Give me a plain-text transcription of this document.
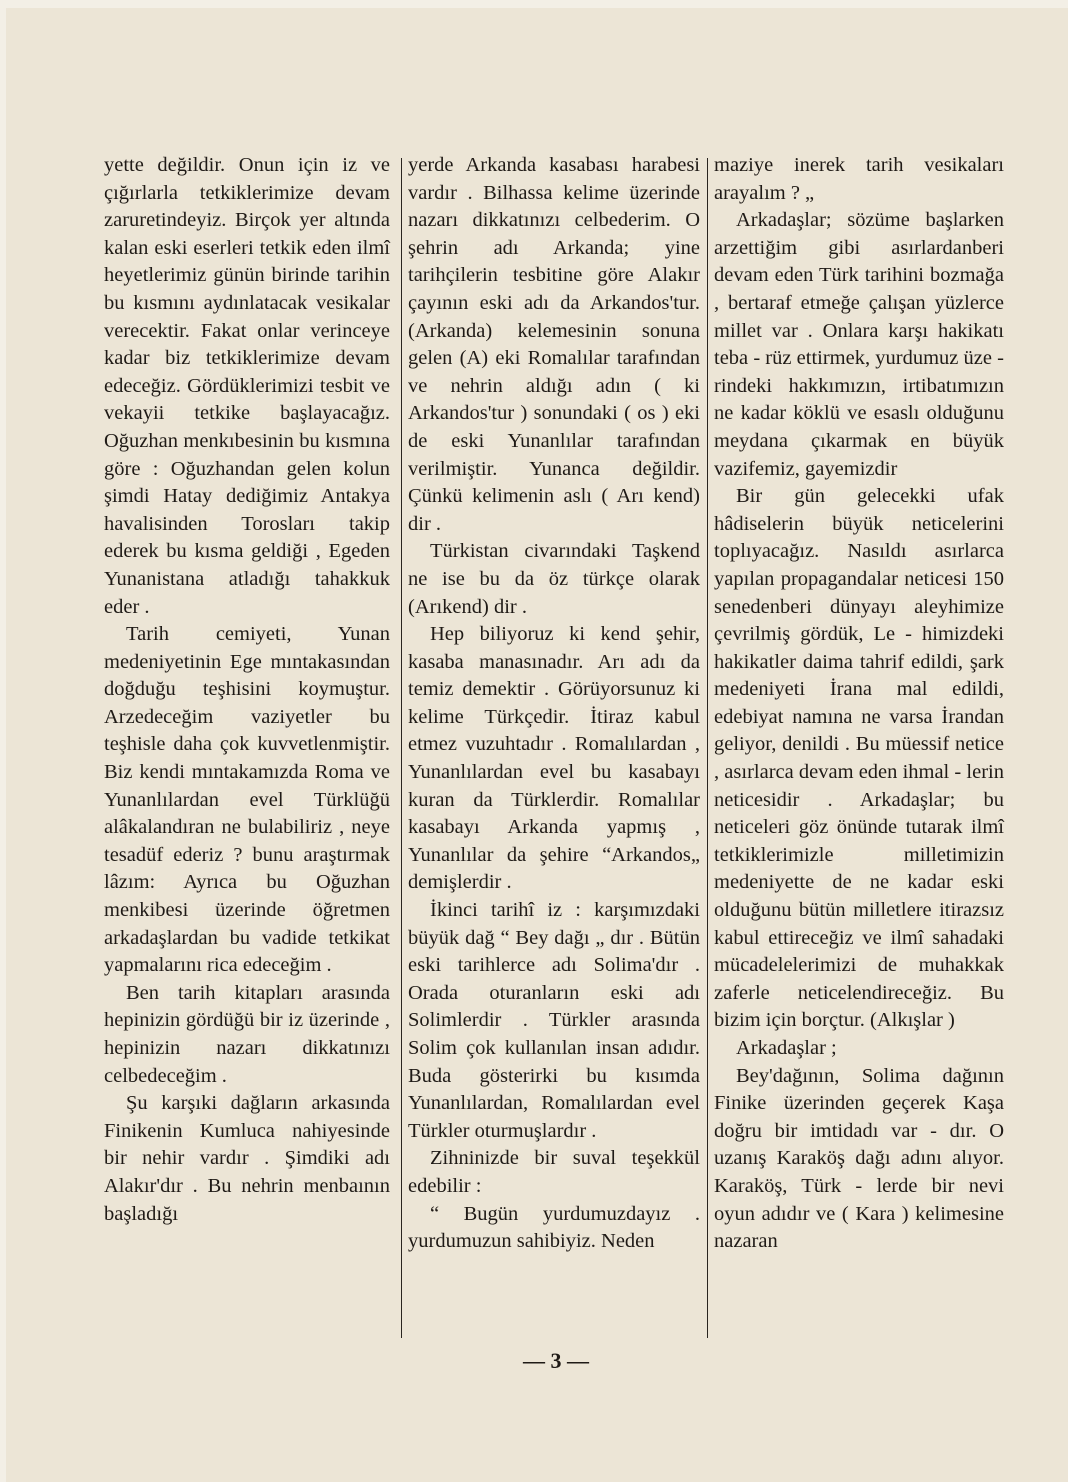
yette değildir. Onun için iz ve çığırlarla tetkiklerimize devam zaruretindeyiz. Birçok yer altında kalan eski eserleri tetkik eden ilmî heyetlerimiz günün birinde tarihin bu kısmını aydınlatacak vesikalar verecektir. Fakat onlar verinceye kadar biz tetkiklerimize devam edeceğiz. Gördüklerimizi tesbit ve vekayii tetkike başlayacağız. Oğuzhan menkıbesinin bu kısmına göre : Oğuzhandan gelen kolun şimdi Hatay dediğimiz Antakya havalisinden Torosları takip ederek bu kısma geldiği , Egeden Yunanistana atladığı tahakkuk eder .

Tarih cemiyeti, Yunan medeniyetinin Ege mıntakasından doğduğu teşhisini koymuştur. Arzedeceğim vaziyetler bu teşhisle daha çok kuvvetlenmiştir. Biz kendi mıntakamızda Roma ve Yunanlılardan evel Türklüğü alâkalandıran ne bulabiliriz , neye tesadüf ederiz ? bunu araştırmak lâzım: Ayrıca bu Oğuzhan menkibesi üzerinde öğretmen arkadaşlardan bu vadide tetkikat yapmalarını rica edeceğim .

Ben tarih kitapları arasında hepinizin gördüğü bir iz üzerinde , hepinizin nazarı dikkatınızı celbedeceğim .

Şu karşıki dağların arkasında Finikenin Kumluca nahiyesinde bir nehir vardır . Şimdiki adı Alakır'dır . Bu nehrin menbaının başladığı

yerde Arkanda kasabası harabesi vardır . Bilhassa kelime üzerinde nazarı dikkatınızı celbederim. O şehrin adı Arkanda; yine tarihçilerin tesbitine göre Alakır çayının eski adı da Arkandos'tur. (Arkanda) kelemesinin sonuna gelen (A) eki Romalılar tarafından ve nehrin aldığı adın ( ki Arkandos'tur ) sonundaki ( os ) eki de eski Yunanlılar tarafından verilmiştir. Yunanca değildir. Çünkü kelimenin aslı ( Arı kend) dir .

Türkistan civarındaki Taşkend ne ise bu da öz türkçe olarak (Arıkend) dir .

Hep biliyoruz ki kend şehir, kasaba manasınadır. Arı adı da temiz demektir . Görüyorsunuz ki kelime Türkçedir. İtiraz kabul etmez vuzuhtadır . Romalılardan , Yunanlılardan evel bu kasabayı kuran da Türklerdir. Romalılar kasabayı Arkanda yapmış , Yunanlılar da şehire “Arkandos„ demişlerdir .

İkinci tarihî iz : karşımızdaki büyük dağ “ Bey dağı „ dır . Bütün eski tarihlerce adı Solima'dır . Orada oturanların eski adı Solimlerdir . Türkler arasında Solim çok kullanılan insan adıdır. Buda gösterirki bu kısımda Yunanlılardan, Romalılardan evel Türkler oturmuşlardır .

Zihninizde bir suval teşekkül edebilir :

“ Bugün yurdumuzdayız . yurdumuzun sahibiyiz. Neden

maziye inerek tarih vesikaları arayalım ? „

Arkadaşlar; sözüme başlarken arzettiğim gibi asırlardanberi devam eden Türk tarihini bozmağa , bertaraf etmeğe çalışan yüzlerce millet var . Onlara karşı hakikatı teba - rüz ettirmek, yurdumuz üze - rindeki hakkımızın, irtibatımızın ne kadar köklü ve esaslı olduğunu meydana çıkarmak en büyük vazifemiz, gayemizdir

Bir gün gelecekki ufak hâdiselerin büyük neticelerini toplıyacağız. Nasıldı asırlarca yapılan propagandalar neticesi 150 senedenberi dünyayı aleyhimize çevrilmiş gördük, Le - himizdeki hakikatler daima tahrif edildi, şark medeniyeti İrana mal edildi, edebiyat namına ne varsa İrandan geliyor, denildi . Bu müessif netice , asırlarca devam eden ihmal - lerin neticesidir . Arkadaşlar; bu neticeleri göz önünde tutarak ilmî tetkiklerimizle milletimizin medeniyette de ne kadar eski olduğunu bütün milletlere itirazsız kabul ettireceğiz ve ilmî sahadaki mücadelelerimizi de muhakkak zaferle neticelendireceğiz. Bu bizim için borçtur. (Alkışlar )

Arkadaşlar ;

Bey'dağının, Solima dağının Finike üzerinden geçerek Kaşa doğru bir imtidadı var - dır. O uzanış Karaköş dağı adını alıyor. Karaköş, Türk - lerde bir nevi oyun adıdır ve ( Kara ) kelimesine nazaran

— 3 —
